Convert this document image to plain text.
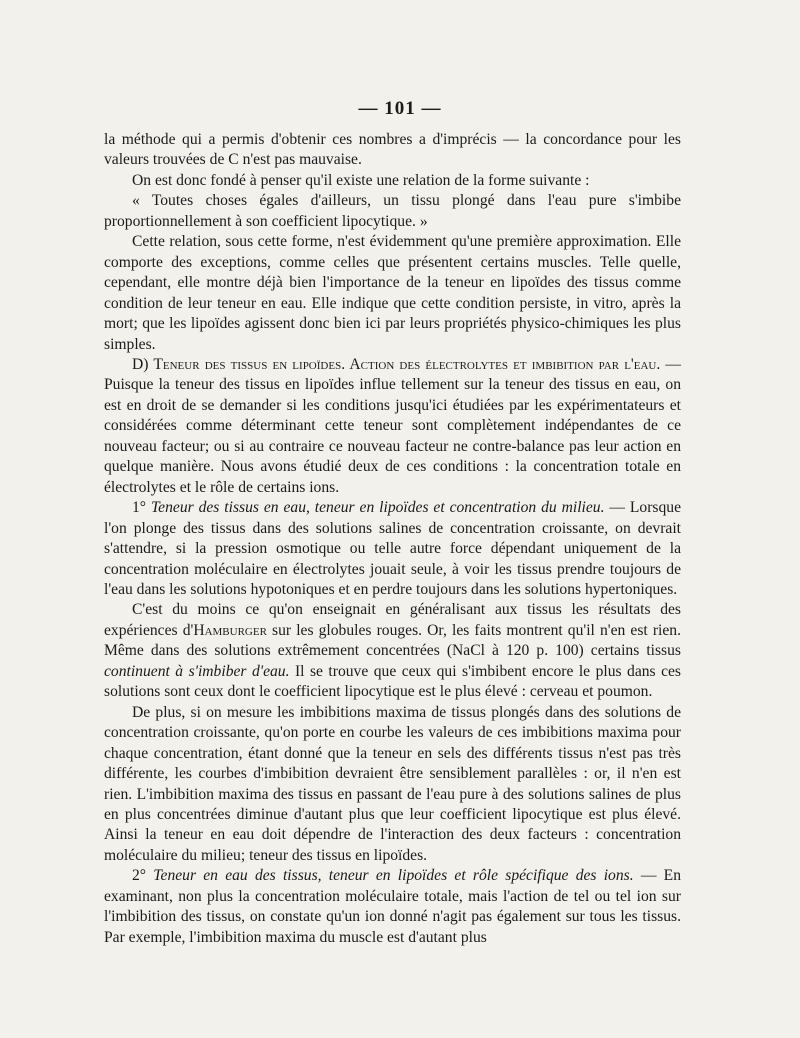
— 101 —

la méthode qui a permis d'obtenir ces nombres a d'imprécis — la concordance pour les valeurs trouvées de C n'est pas mauvaise.

On est donc fondé à penser qu'il existe une relation de la forme suivante :

« Toutes choses égales d'ailleurs, un tissu plongé dans l'eau pure s'imbibe proportionnellement à son coefficient lipocytique. »

Cette relation, sous cette forme, n'est évidemment qu'une première approximation. Elle comporte des exceptions, comme celles que présentent certains muscles. Telle quelle, cependant, elle montre déjà bien l'importance de la teneur en lipoïdes des tissus comme condition de leur teneur en eau. Elle indique que cette condition persiste, in vitro, après la mort; que les lipoïdes agissent donc bien ici par leurs propriétés physico-chimiques les plus simples.

D) Teneur des tissus en lipoïdes. Action des électrolytes et imbibition par l'eau. — Puisque la teneur des tissus en lipoïdes influe tellement sur la teneur des tissus en eau, on est en droit de se demander si les conditions jusqu'ici étudiées par les expérimentateurs et considérées comme déterminant cette teneur sont complètement indépendantes de ce nouveau facteur; ou si au contraire ce nouveau facteur ne contre-balance pas leur action en quelque manière. Nous avons étudié deux de ces conditions : la concentration totale en électrolytes et le rôle de certains ions.

1° Teneur des tissus en eau, teneur en lipoïdes et concentration du milieu. — Lorsque l'on plonge des tissus dans des solutions salines de concentration croissante, on devrait s'attendre, si la pression osmotique ou telle autre force dépendant uniquement de la concentration moléculaire en électrolytes jouait seule, à voir les tissus prendre toujours de l'eau dans les solutions hypotoniques et en perdre toujours dans les solutions hypertoniques.

C'est du moins ce qu'on enseignait en généralisant aux tissus les résultats des expériences d'Hamburger sur les globules rouges. Or, les faits montrent qu'il n'en est rien. Même dans des solutions extrêmement concentrées (NaCl à 120 p. 100) certains tissus continuent à s'imbiber d'eau. Il se trouve que ceux qui s'imbibent encore le plus dans ces solutions sont ceux dont le coefficient lipocytique est le plus élevé : cerveau et poumon.

De plus, si on mesure les imbibitions maxima de tissus plongés dans des solutions de concentration croissante, qu'on porte en courbe les valeurs de ces imbibitions maxima pour chaque concentration, étant donné que la teneur en sels des différents tissus n'est pas très différente, les courbes d'imbibition devraient être sensiblement parallèles : or, il n'en est rien. L'imbibition maxima des tissus en passant de l'eau pure à des solutions salines de plus en plus concentrées diminue d'autant plus que leur coefficient lipocytique est plus élevé. Ainsi la teneur en eau doit dépendre de l'interaction des deux facteurs : concentration moléculaire du milieu; teneur des tissus en lipoïdes.

2° Teneur en eau des tissus, teneur en lipoïdes et rôle spécifique des ions. — En examinant, non plus la concentration moléculaire totale, mais l'action de tel ou tel ion sur l'imbibition des tissus, on constate qu'un ion donné n'agit pas également sur tous les tissus. Par exemple, l'imbibition maxima du muscle est d'autant plus
